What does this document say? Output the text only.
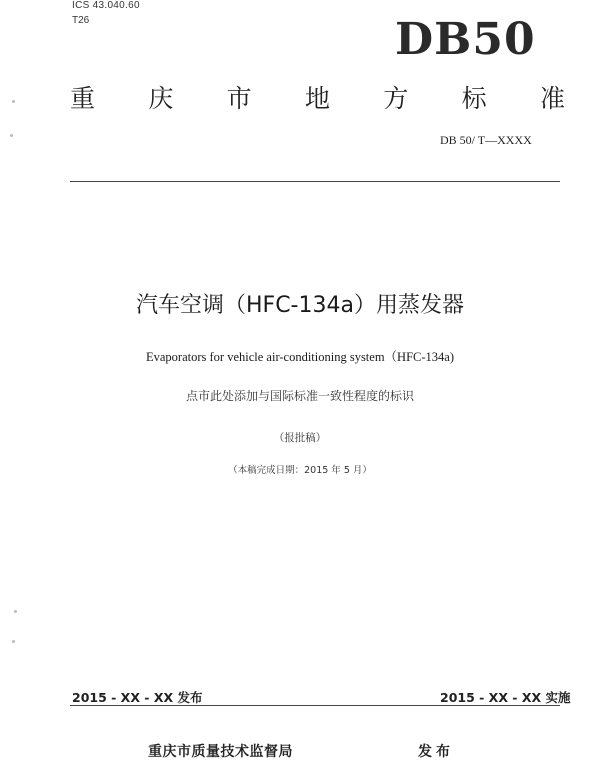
ICS 43.040.60
T26	DB50
重 庆 市 地 方 标 准
DB 50/ T—XXXX
汽车空调（HFC-134a）用蒸发器
Evaporators for vehicle air-conditioning system（HFC-134a)
点市此处添加与国际标准一致性程度的标识
（报批稿）
（本稿完成日期：2015 年 5 月）
2015 - XX - XX 发布	2015 - XX - XX 实施
重庆市质量技术监督局	发布
